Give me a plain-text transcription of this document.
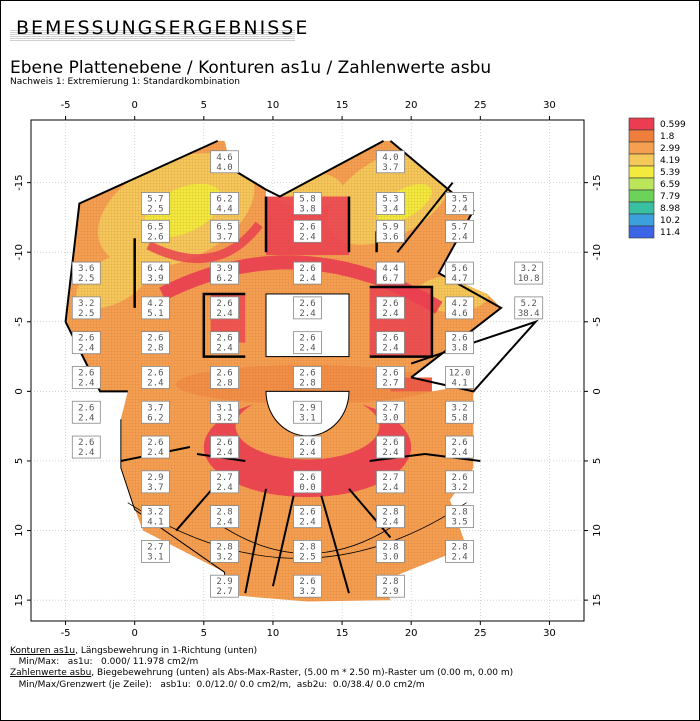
BEMESSUNGSERGEBNISSE
Ebene Plattenebene / Konturen as1u / Zahlenwerte asbu
Nachweis 1: Extremierung 1: Standardkombination
-5
-5
0
0
5
5
10
10
15
15
20
20
25
25
30
30
-15	-15
-10	-10
-5	-5
0	0
5	5
10	10
15	15
4.6
4.0
4.0
3.7
5.7
2.5
6.2
4.4
5.8
3.8
5.3
3.4
3.5
2.4
6.5
2.6
6.5
3.7
2.6
2.4
5.9
3.6
5.7
2.4
3.6
2.5
6.4
3.9
3.9
6.2
2.6
2.4
4.4
6.7
5.6
4.7
3.2
10.8
3.2
2.5
4.2
5.1
2.6
2.4
2.6
2.4
2.6
2.4
4.2
4.6
5.2
38.4
2.6
2.4
2.6
2.8
2.6
2.4
2.6
2.4
2.6
2.4
2.6
3.8
2.6
2.4
2.6
2.4
2.6
2.8
2.6
2.8
2.6
2.7
12.0
4.1
2.6
2.4
3.7
6.2
3.1
3.2
2.9
3.1
2.7
3.0
3.2
5.8
2.6
2.4
2.6
2.4
2.6
2.4
2.6
2.4
2.6
2.4
2.6
2.4
2.9
3.7
2.7
2.4
2.6
0.0
2.7
2.4
2.6
3.2
3.2
4.1
2.8
2.4
2.6
2.4
2.8
2.4
2.8
3.5
2.7
3.1
2.8
3.2
2.8
2.5
2.8
3.0
2.8
2.4
2.9
2.7
2.6
3.2
2.8
2.9
0.599
1.8
2.99
4.19
5.39
6.59
7.79
8.98
10.2
11.4
Konturen as1u, Längsbewehrung in 1-Richtung (unten)
Min/Max:   as1u:   0.000/ 11.978 cm2/m
Zahlenwerte asbu, Biegebewehrung (unten) als Abs-Max-Raster, (5.00 m * 2.50 m)-Raster um (0.00 m, 0.00 m)
Min/Max/Grenzwert (je Zeile):   asb1u:  0.0/12.0/ 0.0 cm2/m,  asb2u:  0.0/38.4/ 0.0 cm2/m
